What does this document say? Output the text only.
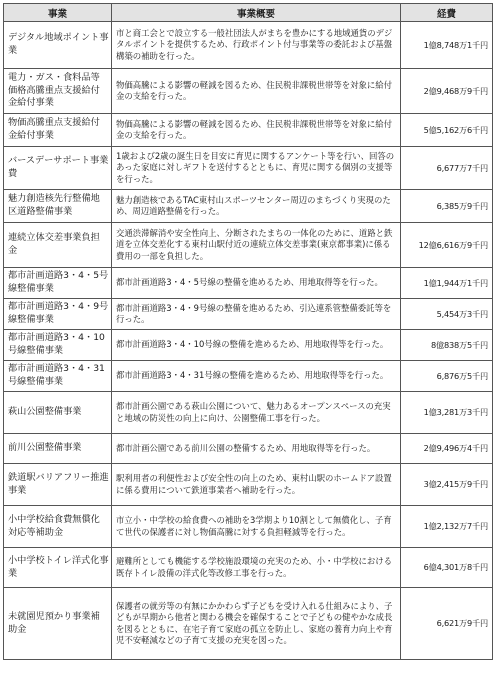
事業	事業概要	経費
デジタル地域ポイント事業	市と商工会とで設立する一般社団法人がまちを豊かにする地域通貨のデジタルポイントを提供するため、行政ポイント付与事業等の委託および基盤構築の補助を行った。	1億8,748万1千円
電力・ガス・食料品等価格高騰重点支援給付金給付事業	物価高騰による影響の軽減を図るため、住民税非課税世帯等を対象に給付金の支給を行った。	2億9,468万9千円
物価高騰重点支援給付金給付事業	物価高騰による影響の軽減を図るため、住民税非課税世帯等を対象に給付金の支給を行った。	5億5,162万6千円
バースデーサポート事業費	1歳および2歳の誕生日を目安に育児に関するアンケート等を行い、回答のあった家庭に対しギフトを送付するとともに、育児に関する個別の支援等を行った。	6,677万7千円
魅力創造核先行整備地区道路整備事業	魅力創造核であるTAC東村山スポーツセンター周辺のまちづくり実現のため、周辺道路整備を行った。	6,385万9千円
連続立体交差事業負担金	交通渋滞解消や安全性向上、分断されたまちの一体化のために、道路と鉄道を立体交差化する東村山駅付近の連続立体交差事業(東京都事業)に係る費用の一部を負担した。	12億6,616万9千円
都市計画道路3・4・5号線整備事業	都市計画道路3・4・5号線の整備を進めるため、用地取得等を行った。	1億1,944万1千円
都市計画道路3・4・9号線整備事業	都市計画道路3・4・9号線の整備を進めるため、引込連系管整備委託等を行った。	5,454万3千円
都市計画道路3・4・10号線整備事業	都市計画道路3・4・10号線の整備を進めるため、用地取得等を行った。	8億838万5千円
都市計画道路3・4・31号線整備事業	都市計画道路3・4・31号線の整備を進めるため、用地取得等を行った。	6,876万5千円
萩山公園整備事業	都市計画公園である萩山公園について、魅力あるオープンスペースの充実と地域の防災性の向上に向け、公園整備工事を行った。	1億3,281万3千円
前川公園整備事業	都市計画公園である前川公園の整備するため、用地取得等を行った。	2億9,496万4千円
鉄道駅バリアフリー推進事業	駅利用者の利便性および安全性の向上のため、東村山駅のホームドア設置に係る費用について鉄道事業者へ補助を行った。	3億2,415万9千円
小中学校給食費無償化対応等補助金	市立小・中学校の給食費への補助を3学期より10割として無償化し、子育て世代の保護者に対し物価高騰に対する負担軽減等を行った。	1億2,132万7千円
小中学校トイレ洋式化事業	避難所としても機能する学校施設環境の充実のため、小・中学校における既存トイレ設備の洋式化等改修工事を行った。	6億4,301万8千円
未就園児預かり事業補助金	保護者の就労等の有無にかかわらず子どもを受け入れる仕組みにより、子どもが早期から他者と関わる機会を確保することで子どもの健やかな成長を図るとともに、在宅子育て家庭の孤立を防止し、家庭の養育力向上や育児不安軽減などの子育て支援の充実を図った。	6,621万9千円
